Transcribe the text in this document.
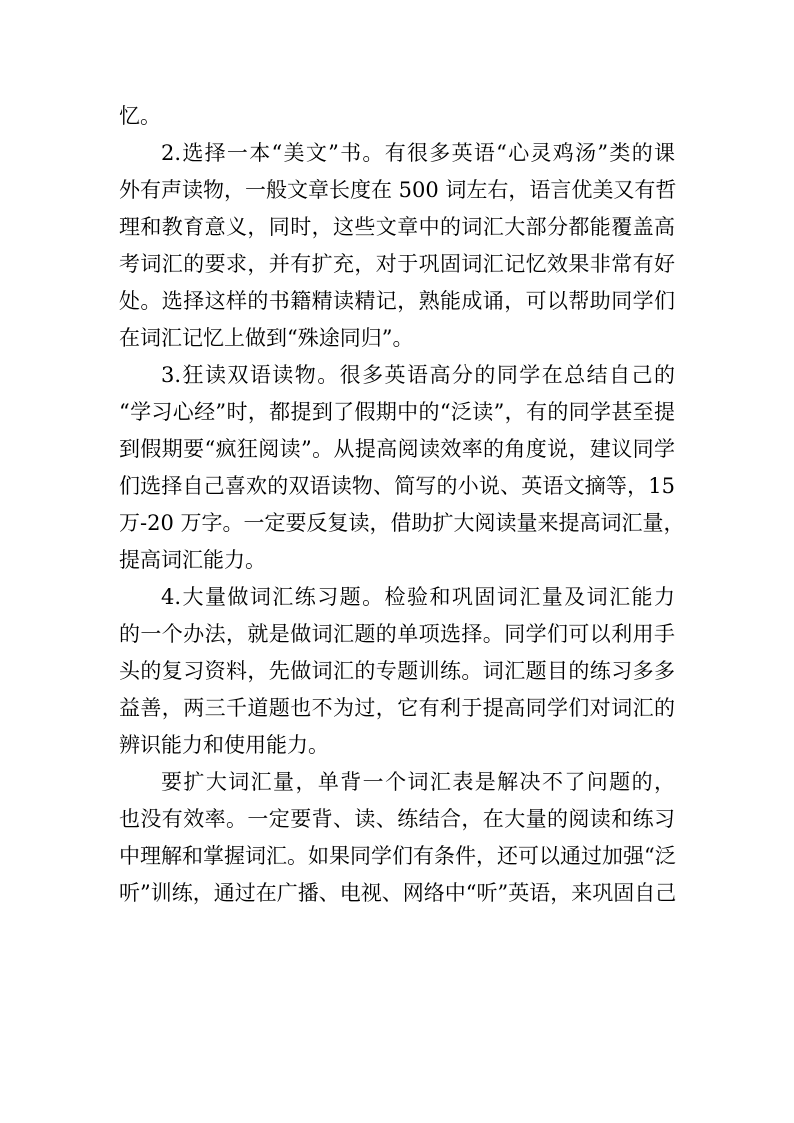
忆。
2.选择一本“美文”书。有很多英语“心灵鸡汤”类的课
外有声读物，一般文章长度在 500 词左右，语言优美又有哲
理和教育意义，同时，这些文章中的词汇大部分都能覆盖高
考词汇的要求，并有扩充，对于巩固词汇记忆效果非常有好
处。选择这样的书籍精读精记，熟能成诵，可以帮助同学们
在词汇记忆上做到“殊途同归”。
3.狂读双语读物。很多英语高分的同学在总结自己的
“学习心经”时，都提到了假期中的“泛读”，有的同学甚至提
到假期要“疯狂阅读”。从提高阅读效率的角度说，建议同学
们选择自己喜欢的双语读物、简写的小说、英语文摘等，15
万-20 万字。一定要反复读，借助扩大阅读量来提高词汇量，
提高词汇能力。
4.大量做词汇练习题。检验和巩固词汇量及词汇能力
的一个办法，就是做词汇题的单项选择。同学们可以利用手
头的复习资料，先做词汇的专题训练。词汇题目的练习多多
益善，两三千道题也不为过，它有利于提高同学们对词汇的
辨识能力和使用能力。
要扩大词汇量，单背一个词汇表是解决不了问题的，
也没有效率。一定要背、读、练结合，在大量的阅读和练习
中理解和掌握词汇。如果同学们有条件，还可以通过加强“泛
听”训练，通过在广播、电视、网络中“听”英语，来巩固自己
